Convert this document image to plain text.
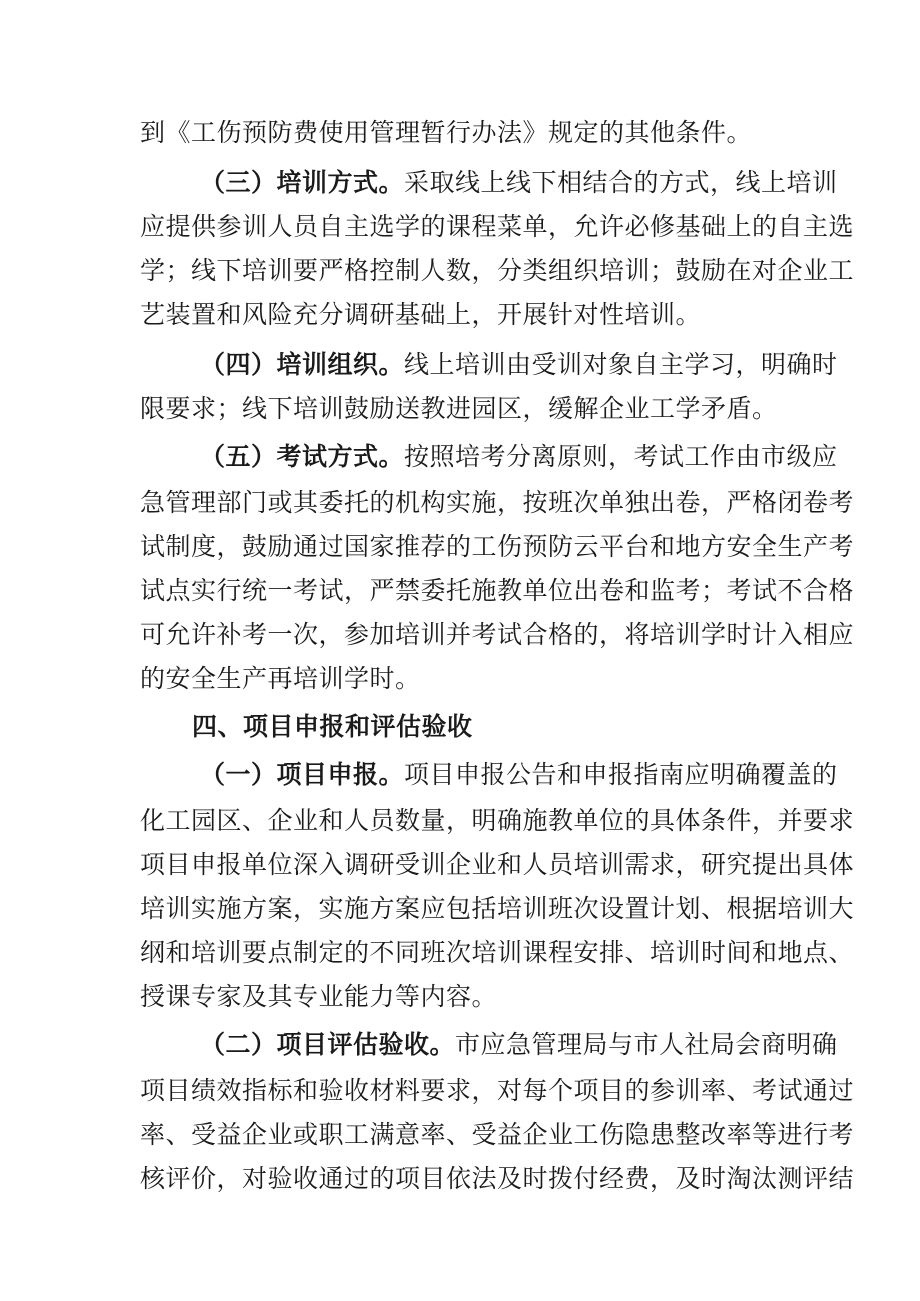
到《工伤预防费使用管理暂行办法》规定的其他条件。
（三）培训方式。采取线上线下相结合的方式，线上培训
应提供参训人员自主选学的课程菜单，允许必修基础上的自主选
学；线下培训要严格控制人数，分类组织培训；鼓励在对企业工
艺装置和风险充分调研基础上，开展针对性培训。
（四）培训组织。线上培训由受训对象自主学习，明确时
限要求；线下培训鼓励送教进园区，缓解企业工学矛盾。
（五）考试方式。按照培考分离原则，考试工作由市级应
急管理部门或其委托的机构实施，按班次单独出卷，严格闭卷考
试制度，鼓励通过国家推荐的工伤预防云平台和地方安全生产考
试点实行统一考试，严禁委托施教单位出卷和监考；考试不合格
可允许补考一次，参加培训并考试合格的，将培训学时计入相应
的安全生产再培训学时。
四、项目申报和评估验收
（一）项目申报。项目申报公告和申报指南应明确覆盖的
化工园区、企业和人员数量，明确施教单位的具体条件，并要求
项目申报单位深入调研受训企业和人员培训需求，研究提出具体
培训实施方案，实施方案应包括培训班次设置计划、根据培训大
纲和培训要点制定的不同班次培训课程安排、培训时间和地点、
授课专家及其专业能力等内容。
（二）项目评估验收。市应急管理局与市人社局会商明确
项目绩效指标和验收材料要求，对每个项目的参训率、考试通过
率、受益企业或职工满意率、受益企业工伤隐患整改率等进行考
核评价，对验收通过的项目依法及时拨付经费，及时淘汰测评结
